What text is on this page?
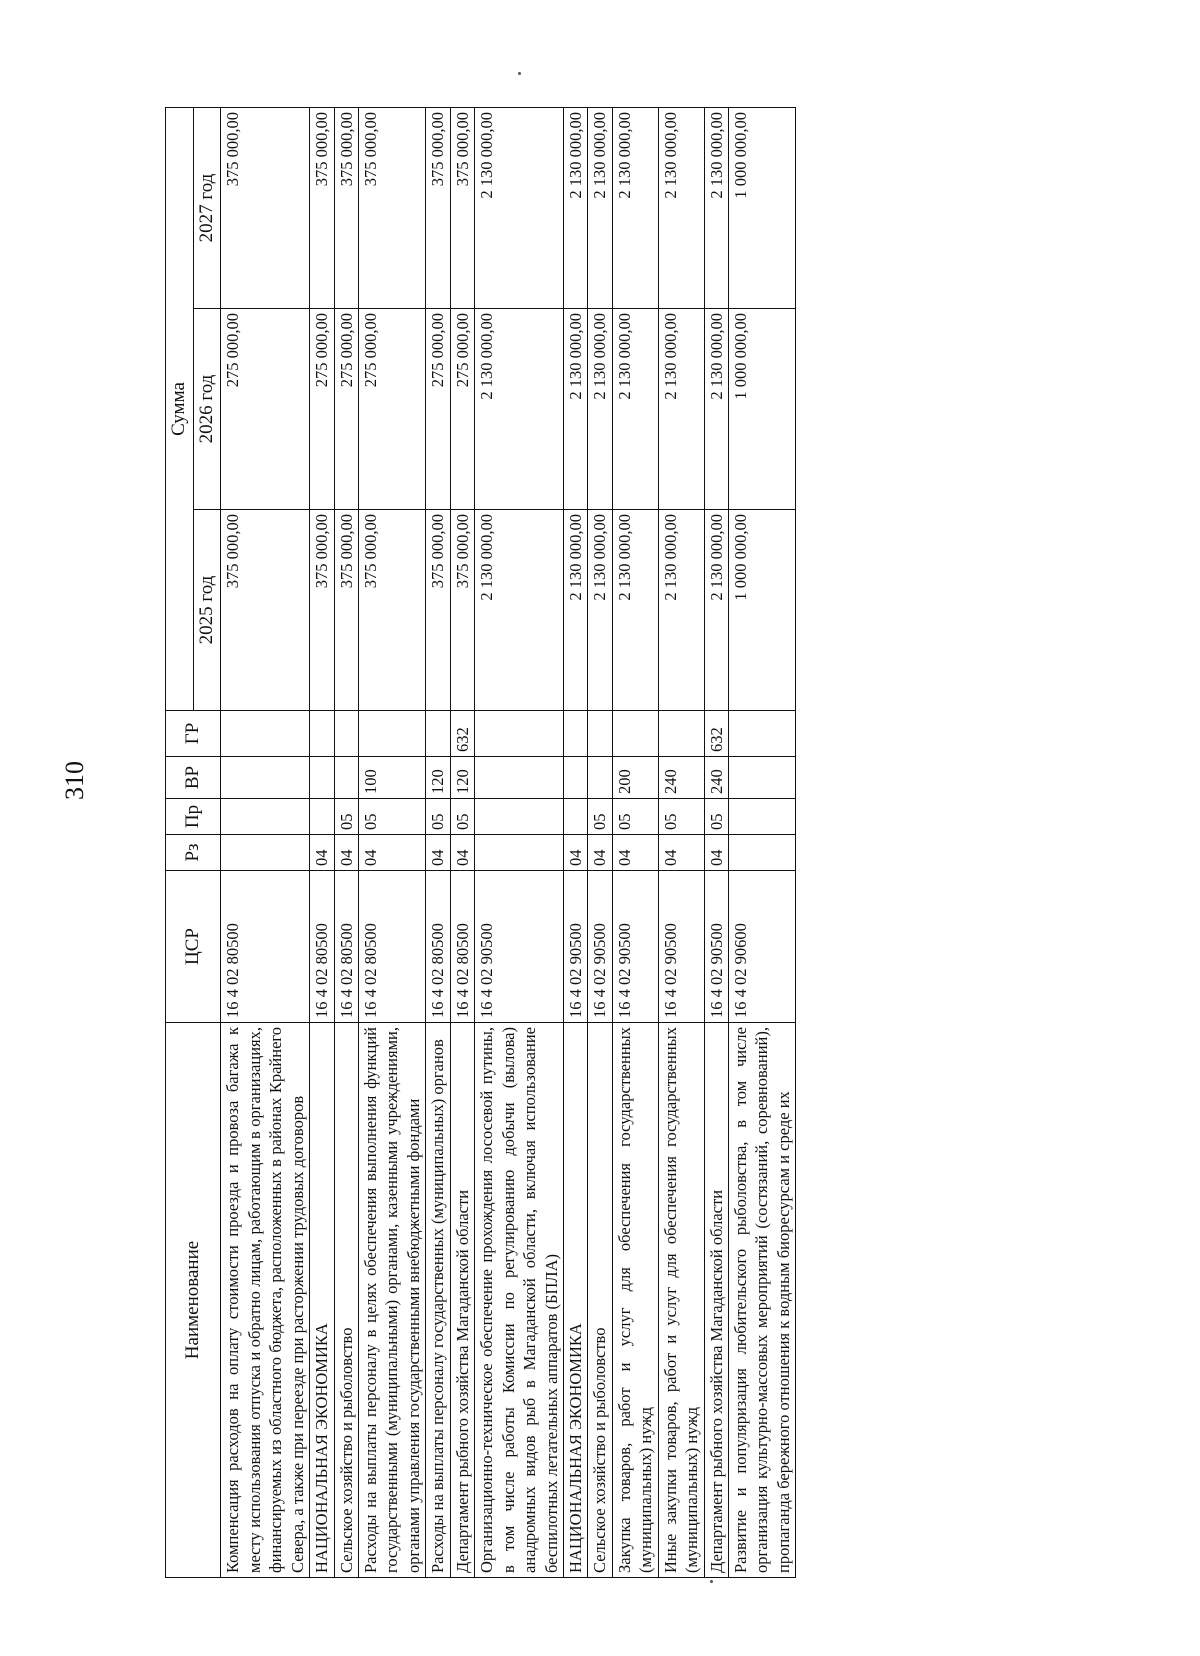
310
Наименование	ЦСР	Рз	Пр	ВР	ГР	Сумма		
						2025 год	2026 год	2027 год
Компенсация расходов на оплату стоимости проезда и провоза багажа к месту использования отпуска и обратно лицам, работающим в организациях, финансируемых из областного бюджета, расположенных в районах Крайнего Севера, а также при переезде при расторжении трудовых договоров	16 4 02 80500					375 000,00	275 000,00	375 000,00
НАЦИОНАЛЬНАЯ ЭКОНОМИКА	16 4 02 80500	04				375 000,00	275 000,00	375 000,00
Сельское хозяйство и рыболовство	16 4 02 80500	04	05			375 000,00	275 000,00	375 000,00
Расходы на выплаты персоналу в целях обеспечения выполнения функций государственными (муниципальными) органами, казенными учреждениями, органами управления государственными внебюджетными фондами	16 4 02 80500	04	05	100		375 000,00	275 000,00	375 000,00
Расходы на выплаты персоналу государственных (муниципальных) органов	16 4 02 80500	04	05	120		375 000,00	275 000,00	375 000,00
Департамент рыбного хозяйства Магаданской области	16 4 02 80500	04	05	120	632	375 000,00	275 000,00	375 000,00
Организационно-техническое обеспечение прохождения лососевой путины, в том числе работы Комиссии по регулированию добычи (вылова) анадромных видов рыб в Магаданской области, включая использование беспилотных летательных аппаратов (БПЛА)	16 4 02 90500					2 130 000,00	2 130 000,00	2 130 000,00
НАЦИОНАЛЬНАЯ ЭКОНОМИКА	16 4 02 90500	04				2 130 000,00	2 130 000,00	2 130 000,00
Сельское хозяйство и рыболовство	16 4 02 90500	04	05			2 130 000,00	2 130 000,00	2 130 000,00
Закупка товаров, работ и услуг для обеспечения государственных (муниципальных) нужд	16 4 02 90500	04	05	200		2 130 000,00	2 130 000,00	2 130 000,00
Иные закупки товаров, работ и услуг для обеспечения государственных (муниципальных) нужд	16 4 02 90500	04	05	240		2 130 000,00	2 130 000,00	2 130 000,00
Департамент рыбного хозяйства Магаданской области	16 4 02 90500	04	05	240	632	2 130 000,00	2 130 000,00	2 130 000,00
Развитие и популяризация любительского рыболовства, в том числе организация культурно-массовых мероприятий (состязаний, соревнований), пропаганда бережного отношения к водным биоресурсам и среде их	16 4 02 90600					1 000 000,00	1 000 000,00	1 000 000,00
